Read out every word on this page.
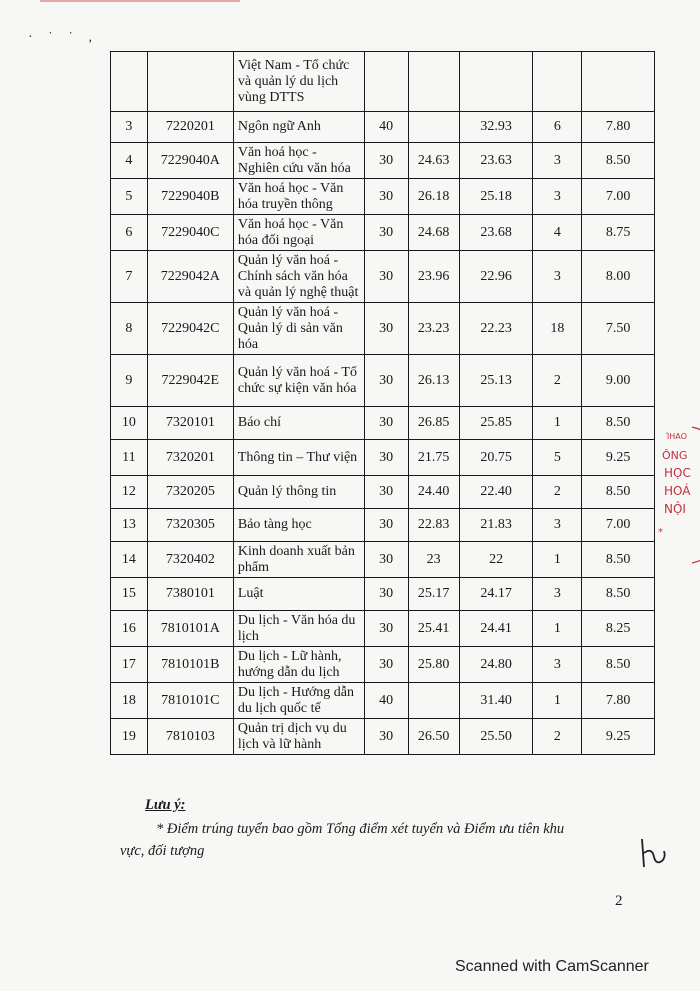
· ˙ ˙ ,
		Việt Nam - Tổ chức và quản lý du lịch vùng DTTS					
3	7220201	Ngôn ngữ Anh	40		32.93	6	7.80
4	7229040A	Văn hoá học - Nghiên cứu văn hóa	30	24.63	23.63	3	8.50
5	7229040B	Văn hoá học - Văn hóa truyền thông	30	26.18	25.18	3	7.00
6	7229040C	Văn hoá học - Văn hóa đối ngoại	30	24.68	23.68	4	8.75
7	7229042A	Quản lý văn hoá - Chính sách văn hóa và quản lý nghệ thuật	30	23.96	22.96	3	8.00
8	7229042C	Quản lý văn hoá - Quản lý di sản văn hóa	30	23.23	22.23	18	7.50
9	7229042E	Quản lý văn hoá - Tổ chức sự kiện văn hóa	30	26.13	25.13	2	9.00
10	7320101	Báo chí	30	26.85	25.85	1	8.50
11	7320201	Thông tin – Thư viện	30	21.75	20.75	5	9.25
12	7320205	Quản lý thông tin	30	24.40	22.40	2	8.50
13	7320305	Bảo tàng học	30	22.83	21.83	3	7.00
14	7320402	Kinh doanh xuất bản phẩm	30	23	22	1	8.50
15	7380101	Luật	30	25.17	24.17	3	8.50
16	7810101A	Du lịch - Văn hóa du lịch	30	25.41	24.41	1	8.25
17	7810101B	Du lịch - Lữ hành, hướng dẫn du lịch	30	25.80	24.80	3	8.50
18	7810101C	Du lịch - Hướng dẫn du lịch quốc tế	40		31.40	1	7.80
19	7810103	Quản trị dịch vụ du lịch và lữ hành	30	26.50	25.50	2	9.25
ÔNG
HỌC
HOÁ
NỘI
ΊΗΑΟ
*
Lưu ý:
* Điểm trúng tuyển bao gồm Tổng điểm xét tuyển và Điểm ưu tiên khu
vực, đối tượng
2
Scanned with CamScanner
